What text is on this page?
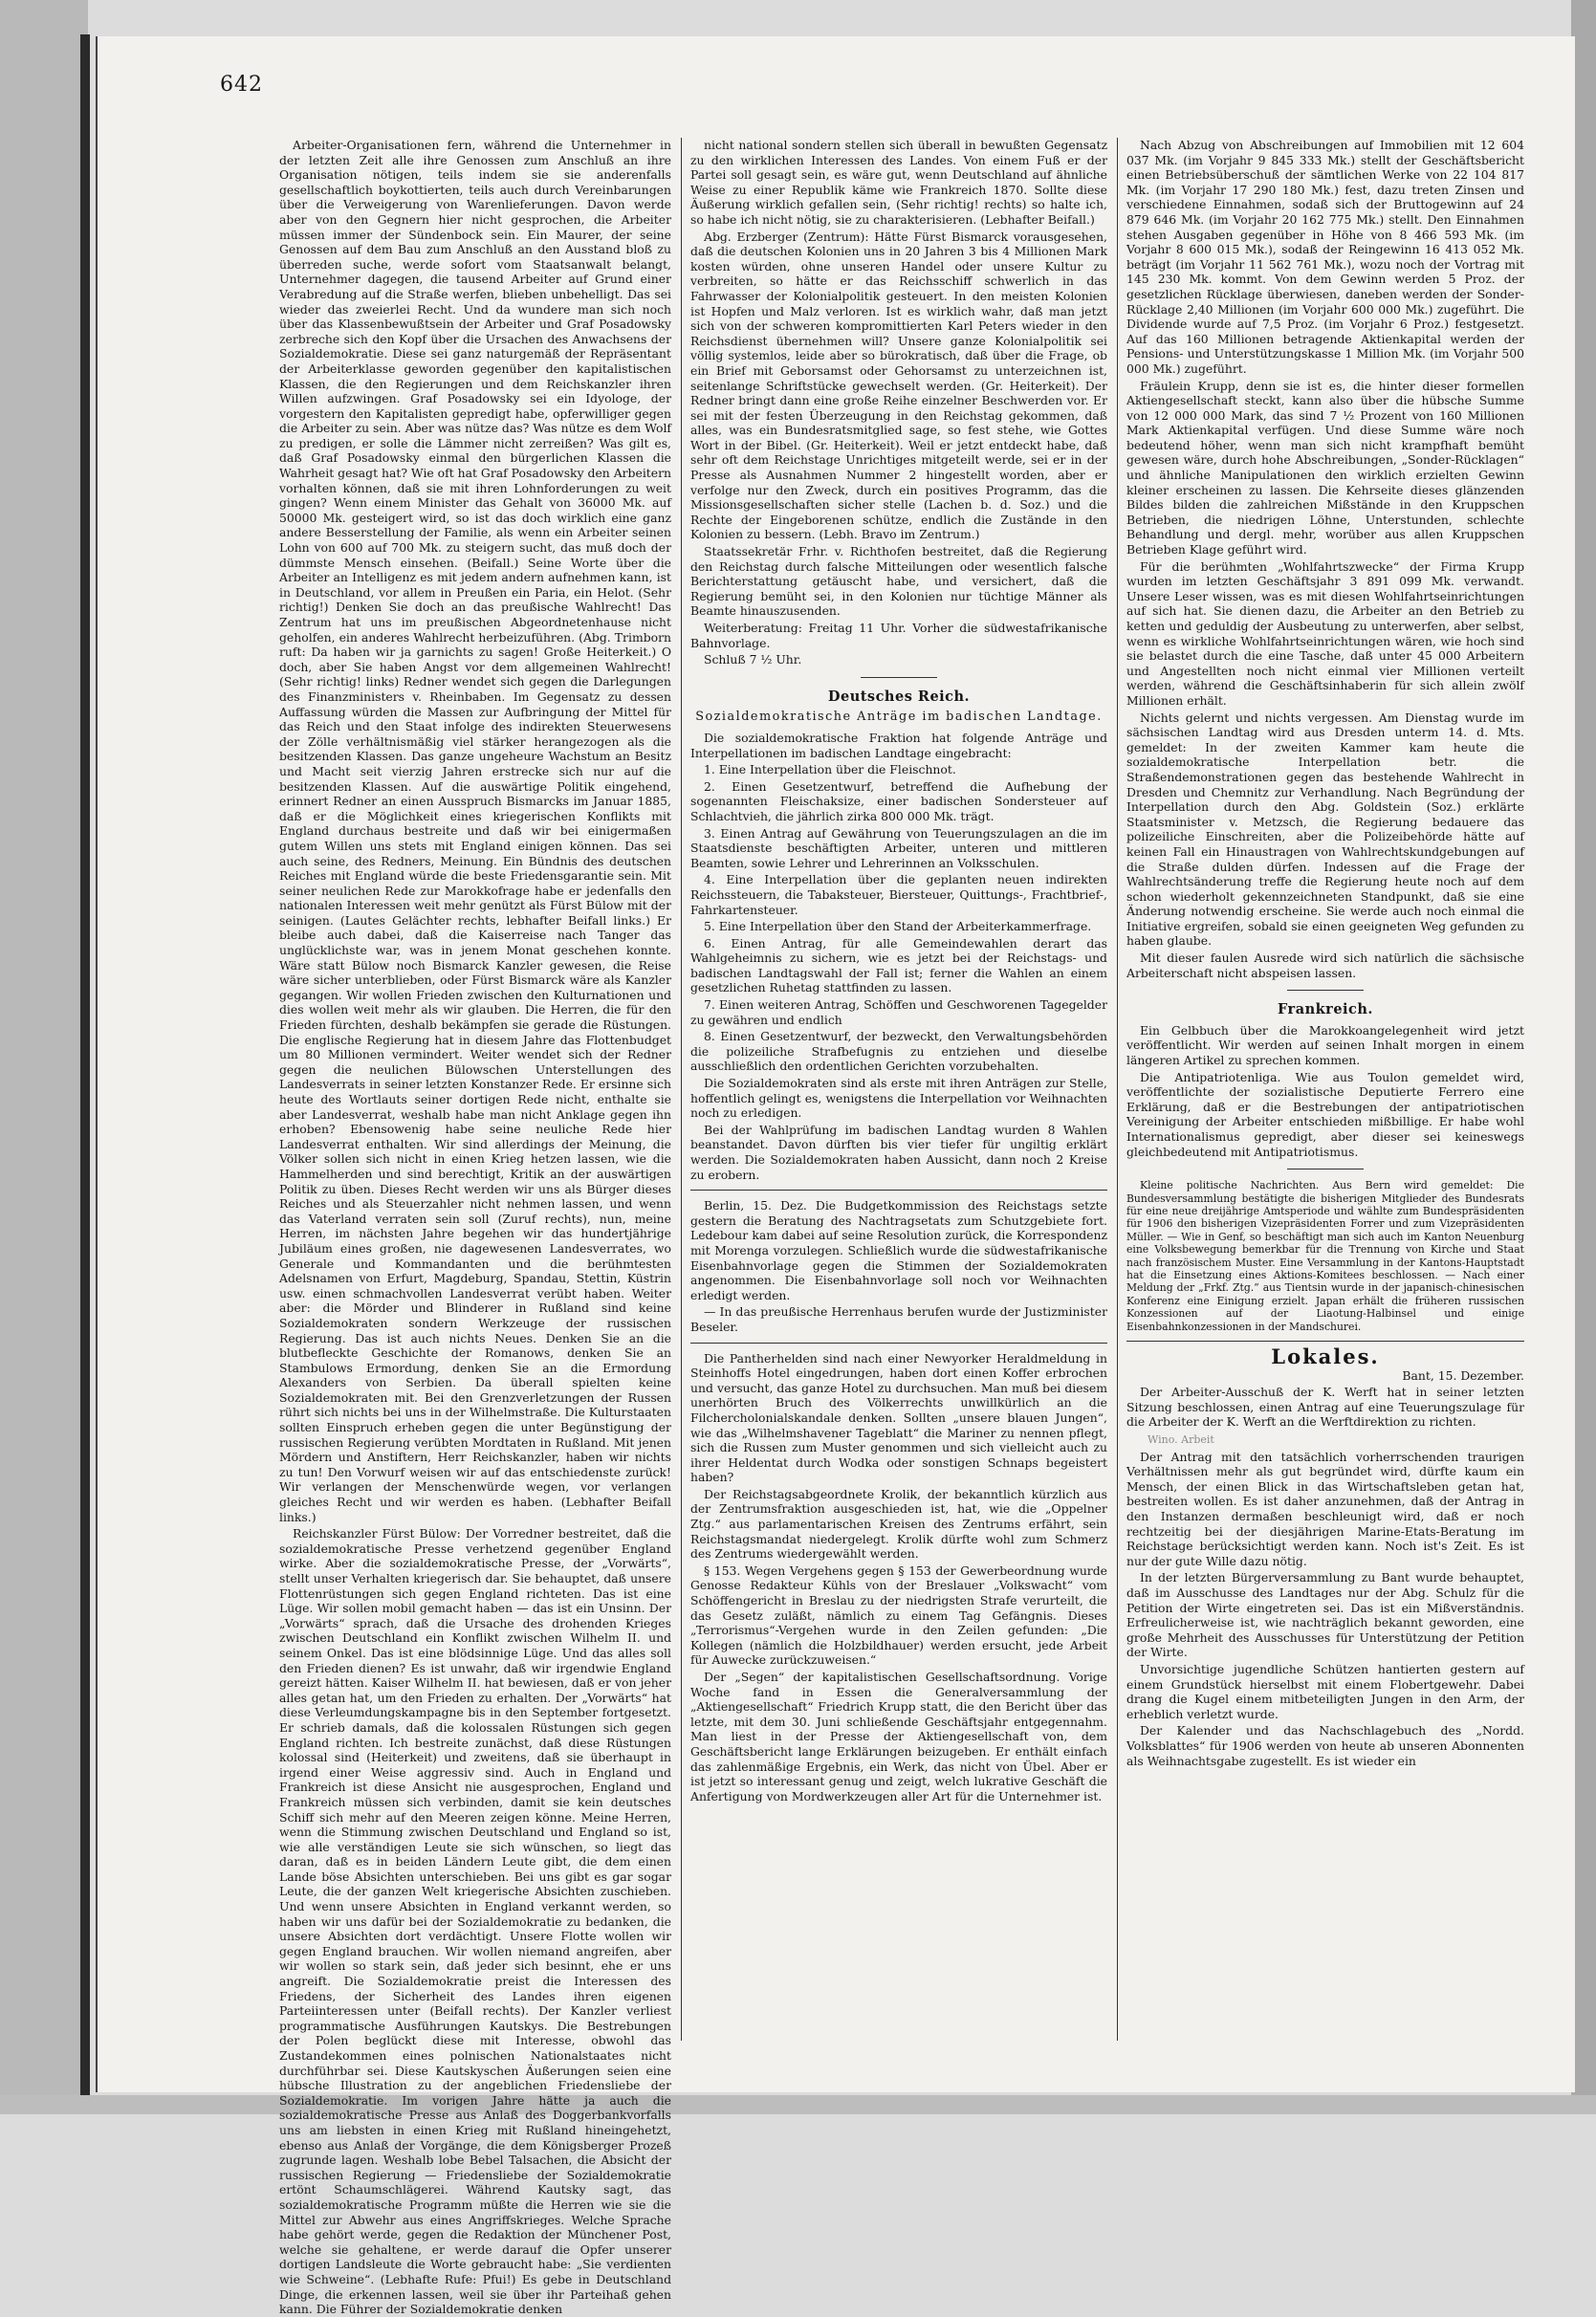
642

Arbeiter-Organisationen fern, während die Unternehmer in der letzten Zeit alle ihre Genossen zum Anschluß an ihre Organisation nötigen, teils indem sie sie anderenfalls gesellschaftlich boykottierten, teils auch durch Vereinbarungen über die Verweigerung von Warenlieferungen. Davon werde aber von den Gegnern hier nicht gesprochen, die Arbeiter müssen immer der Sündenbock sein. Ein Maurer, der seine Genossen auf dem Bau zum Anschluß an den Ausstand bloß zu überreden suche, werde sofort vom Staatsanwalt belangt, Unternehmer dagegen, die tausend Arbeiter auf Grund einer Verabredung auf die Straße werfen, blieben unbehelligt. Das sei wieder das zweierlei Recht. Und da wundere man sich noch über das Klassenbewußtsein der Arbeiter und Graf Posadowsky zerbreche sich den Kopf über die Ursachen des Anwachsens der Sozialdemokratie. Diese sei ganz naturgemäß der Repräsentant der Arbeiterklasse geworden gegenüber den kapitalistischen Klassen, die den Regierungen und dem Reichskanzler ihren Willen aufzwingen. Graf Posadowsky sei ein Idyologe, der vorgestern den Kapitalisten gepredigt habe, opferwilliger gegen die Arbeiter zu sein. Aber was nütze das? Was nütze es dem Wolf zu predigen, er solle die Lämmer nicht zerreißen? Was gilt es, daß Graf Posadowsky einmal den bürgerlichen Klassen die Wahrheit gesagt hat? Wie oft hat Graf Posadowsky den Arbeitern vorhalten können, daß sie mit ihren Lohnforderungen zu weit gingen? Wenn einem Minister das Gehalt von 36000 Mk. auf 50000 Mk. gesteigert wird, so ist das doch wirklich eine ganz andere Besserstellung der Familie, als wenn ein Arbeiter seinen Lohn von 600 auf 700 Mk. zu steigern sucht, das muß doch der dümmste Mensch einsehen. (Beifall.) Seine Worte über die Arbeiter an Intelligenz es mit jedem andern aufnehmen kann, ist in Deutschland, vor allem in Preußen ein Paria, ein Helot. (Sehr richtig!) Denken Sie doch an das preußische Wahlrecht! Das Zentrum hat uns im preußischen Abgeordnetenhause nicht geholfen, ein anderes Wahlrecht herbeizuführen. (Abg. Trimborn ruft: Da haben wir ja garnichts zu sagen! Große Heiterkeit.) O doch, aber Sie haben Angst vor dem allgemeinen Wahlrecht! (Sehr richtig! links) Redner wendet sich gegen die Darlegungen des Finanzministers v. Rheinbaben. Im Gegensatz zu dessen Auffassung würden die Massen zur Aufbringung der Mittel für das Reich und den Staat infolge des indirekten Steuerwesens der Zölle verhältnismäßig viel stärker herangezogen als die besitzenden Klassen. Das ganze ungeheure Wachstum an Besitz und Macht seit vierzig Jahren erstrecke sich nur auf die besitzenden Klassen. Auf die auswärtige Politik eingehend, erinnert Redner an einen Ausspruch Bismarcks im Januar 1885, daß er die Möglichkeit eines kriegerischen Konflikts mit England durchaus bestreite und daß wir bei einigermaßen gutem Willen uns stets mit England einigen können. Das sei auch seine, des Redners, Meinung. Ein Bündnis des deutschen Reiches mit England würde die beste Friedensgarantie sein. Mit seiner neulichen Rede zur Marokkofrage habe er jedenfalls den nationalen Interessen weit mehr genützt als Fürst Bülow mit der seinigen. (Lautes Gelächter rechts, lebhafter Beifall links.) Er bleibe auch dabei, daß die Kaiserreise nach Tanger das unglücklichste war, was in jenem Monat geschehen konnte. Wäre statt Bülow noch Bismarck Kanzler gewesen, die Reise wäre sicher unterblieben, oder Fürst Bismarck wäre als Kanzler gegangen. Wir wollen Frieden zwischen den Kulturnationen und dies wollen weit mehr als wir glauben. Die Herren, die für den Frieden fürchten, deshalb bekämpfen sie gerade die Rüstungen. Die englische Regierung hat in diesem Jahre das Flottenbudget um 80 Millionen vermindert. Weiter wendet sich der Redner gegen die neulichen Bülowschen Unterstellungen des Landesverrats in seiner letzten Konstanzer Rede. Er ersinne sich heute des Wortlauts seiner dortigen Rede nicht, enthalte sie aber Landesverrat, weshalb habe man nicht Anklage gegen ihn erhoben? Ebensowenig habe seine neuliche Rede hier Landesverrat enthalten. Wir sind allerdings der Meinung, die Völker sollen sich nicht in einen Krieg hetzen lassen, wie die Hammelherden und sind berechtigt, Kritik an der auswärtigen Politik zu üben. Dieses Recht werden wir uns als Bürger dieses Reiches und als Steuerzahler nicht nehmen lassen, und wenn das Vaterland verraten sein soll (Zuruf rechts), nun, meine Herren, im nächsten Jahre begehen wir das hundertjährige Jubiläum eines großen, nie dagewesenen Landesverrates, wo Generale und Kommandanten und die berühmtesten Adelsnamen von Erfurt, Magdeburg, Spandau, Stettin, Küstrin usw. einen schmachvollen Landesverrat verübt haben. Weiter aber: die Mörder und Blinderer in Rußland sind keine Sozialdemokraten sondern Werkzeuge der russischen Regierung. Das ist auch nichts Neues. Denken Sie an die blutbefleckte Geschichte der Romanows, denken Sie an Stambulows Ermordung, denken Sie an die Ermordung Alexanders von Serbien. Da überall spielten keine Sozialdemokraten mit. Bei den Grenzverletzungen der Russen rührt sich nichts bei uns in der Wilhelmstraße. Die Kulturstaaten sollten Einspruch erheben gegen die unter Begünstigung der russischen Regierung verübten Mordtaten in Rußland. Mit jenen Mördern und Anstiftern, Herr Reichskanzler, haben wir nichts zu tun! Den Vorwurf weisen wir auf das entschiedenste zurück! Wir verlangen der Menschenwürde wegen, vor verlangen gleiches Recht und wir werden es haben. (Lebhafter Beifall links.)

Reichskanzler Fürst Bülow: Der Vorredner bestreitet, daß die sozialdemokratische Presse verhetzend gegenüber England wirke. Aber die sozialdemokratische Presse, der „Vorwärts“, stellt unser Verhalten kriegerisch dar. Sie behauptet, daß unsere Flottenrüstungen sich gegen England richteten. Das ist eine Lüge. Wir sollen mobil gemacht haben — das ist ein Unsinn. Der „Vorwärts“ sprach, daß die Ursache des drohenden Krieges zwischen Deutschland ein Konflikt zwischen Wilhelm II. und seinem Onkel. Das ist eine blödsinnige Lüge. Und das alles soll den Frieden dienen? Es ist unwahr, daß wir irgendwie England gereizt hätten. Kaiser Wilhelm II. hat bewiesen, daß er von jeher alles getan hat, um den Frieden zu erhalten. Der „Vorwärts“ hat diese Verleumdungskampagne bis in den September fortgesetzt. Er schrieb damals, daß die kolossalen Rüstungen sich gegen England richten. Ich bestreite zunächst, daß diese Rüstungen kolossal sind (Heiterkeit) und zweitens, daß sie überhaupt in irgend einer Weise aggressiv sind. Auch in England und Frankreich ist diese Ansicht nie ausgesprochen, England und Frankreich müssen sich verbinden, damit sie kein deutsches Schiff sich mehr auf den Meeren zeigen könne. Meine Herren, wenn die Stimmung zwischen Deutschland und England so ist, wie alle verständigen Leute sie sich wünschen, so liegt das daran, daß es in beiden Ländern Leute gibt, die dem einen Lande böse Absichten unterschieben. Bei uns gibt es gar sogar Leute, die der ganzen Welt kriegerische Absichten zuschieben. Und wenn unsere Absichten in England verkannt werden, so haben wir uns dafür bei der Sozialdemokratie zu bedanken, die unsere Absichten dort verdächtigt. Unsere Flotte wollen wir gegen England brauchen. Wir wollen niemand angreifen, aber wir wollen so stark sein, daß jeder sich besinnt, ehe er uns angreift. Die Sozialdemokratie preist die Interessen des Friedens, der Sicherheit des Landes ihren eigenen Parteiinteressen unter (Beifall rechts). Der Kanzler verliest programmatische Ausführungen Kautskys. Die Bestrebungen der Polen beglückt diese mit Interesse, obwohl das Zustandekommen eines polnischen Nationalstaates nicht durchführbar sei. Diese Kautskyschen Äußerungen seien eine hübsche Illustration zu der angeblichen Friedensliebe der Sozialdemokratie. Im vorigen Jahre hätte ja auch die sozialdemokratische Presse aus Anlaß des Doggerbankvorfalls uns am liebsten in einen Krieg mit Rußland hineingehetzt, ebenso aus Anlaß der Vorgänge, die dem Königsberger Prozeß zugrunde lagen. Weshalb lobe Bebel Talsachen, die Absicht der russischen Regierung — Friedensliebe der Sozialdemokratie ertönt Schaumschlägerei. Während Kautsky sagt, das sozialdemokratische Programm müßte die Herren wie sie die Mittel zur Abwehr aus eines Angriffskrieges. Welche Sprache habe gehört werde, gegen die Redaktion der Münchener Post, welche sie gehaltene, er werde darauf die Opfer unserer dortigen Landsleute die Worte gebraucht habe: „Sie verdienten wie Schweine“. (Lebhafte Rufe: Pfui!) Es gebe in Deutschland Dinge, die erkennen lassen, weil sie über ihr Parteihaß gehen kann. Die Führer der Sozialdemokratie denken

nicht national sondern stellen sich überall in bewußten Gegensatz zu den wirklichen Interessen des Landes. Von einem Fuß er der Partei soll gesagt sein, es wäre gut, wenn Deutschland auf ähnliche Weise zu einer Republik käme wie Frankreich 1870. Sollte diese Äußerung wirklich gefallen sein, (Sehr richtig! rechts) so halte ich, so habe ich nicht nötig, sie zu charakterisieren. (Lebhafter Beifall.)

Abg. Erzberger (Zentrum): Hätte Fürst Bismarck vorausgesehen, daß die deutschen Kolonien uns in 20 Jahren 3 bis 4 Millionen Mark kosten würden, ohne unseren Handel oder unsere Kultur zu verbreiten, so hätte er das Reichsschiff schwerlich in das Fahrwasser der Kolonialpolitik gesteuert. In den meisten Kolonien ist Hopfen und Malz verloren. Ist es wirklich wahr, daß man jetzt sich von der schweren kompromittierten Karl Peters wieder in den Reichsdienst übernehmen will? Unsere ganze Kolonialpolitik sei völlig systemlos, leide aber so bürokratisch, daß über die Frage, ob ein Brief mit Geborsamst oder Gehorsamst zu unterzeichnen ist, seitenlange Schriftstücke gewechselt werden. (Gr. Heiterkeit). Der Redner bringt dann eine große Reihe einzelner Beschwerden vor. Er sei mit der festen Überzeugung in den Reichstag gekommen, daß alles, was ein Bundesratsmitglied sage, so fest stehe, wie Gottes Wort in der Bibel. (Gr. Heiterkeit). Weil er jetzt entdeckt habe, daß sehr oft dem Reichstage Unrichtiges mitgeteilt werde, sei er in der Presse als Ausnahmen Nummer 2 hingestellt worden, aber er verfolge nur den Zweck, durch ein positives Programm, das die Missionsgesellschaften sicher stelle (Lachen b. d. Soz.) und die Rechte der Eingeborenen schütze, endlich die Zustände in den Kolonien zu bessern. (Lebh. Bravo im Zentrum.)

Staatssekretär Frhr. v. Richthofen bestreitet, daß die Regierung den Reichstag durch falsche Mitteilungen oder wesentlich falsche Berichterstattung getäuscht habe, und versichert, daß die Regierung bemüht sei, in den Kolonien nur tüchtige Männer als Beamte hinauszusenden.

Weiterberatung: Freitag 11 Uhr. Vorher die südwestafrikanische Bahnvorlage.

Schluß 7 ½ Uhr.

Deutsches Reich.
Sozialdemokratische Anträge im badischen Landtage.

Die sozialdemokratische Fraktion hat folgende Anträge und Interpellationen im badischen Landtage eingebracht:

1. Eine Interpellation über die Fleischnot.

2. Einen Gesetzentwurf, betreffend die Aufhebung der sogenannten Fleischaksize, einer badischen Sondersteuer auf Schlachtvieh, die jährlich zirka 800 000 Mk. trägt.

3. Einen Antrag auf Gewährung von Teuerungszulagen an die im Staatsdienste beschäftigten Arbeiter, unteren und mittleren Beamten, sowie Lehrer und Lehrerinnen an Volksschulen.

4. Eine Interpellation über die geplanten neuen indirekten Reichssteuern, die Tabaksteuer, Biersteuer, Quittungs-, Frachtbrief-, Fahrkartensteuer.

5. Eine Interpellation über den Stand der Arbeiterkammerfrage.

6. Einen Antrag, für alle Gemeindewahlen derart das Wahlgeheimnis zu sichern, wie es jetzt bei der Reichstags- und badischen Landtagswahl der Fall ist; ferner die Wahlen an einem gesetzlichen Ruhetag stattfinden zu lassen.

7. Einen weiteren Antrag, Schöffen und Geschworenen Tagegelder zu gewähren und endlich

8. Einen Gesetzentwurf, der bezweckt, den Verwaltungsbehörden die polizeiliche Strafbefugnis zu entziehen und dieselbe ausschließlich den ordentlichen Gerichten vorzubehalten.

Die Sozialdemokraten sind als erste mit ihren Anträgen zur Stelle, hoffentlich gelingt es, wenigstens die Interpellation vor Weihnachten noch zu erledigen.

Bei der Wahlprüfung im badischen Landtag wurden 8 Wahlen beanstandet. Davon dürften bis vier tiefer für ungiltig erklärt werden. Die Sozialdemokraten haben Aussicht, dann noch 2 Kreise zu erobern.

Berlin, 15. Dez. Die Budgetkommission des Reichstags setzte gestern die Beratung des Nachtragsetats zum Schutzgebiete fort. Ledebour kam dabei auf seine Resolution zurück, die Korrespondenz mit Morenga vorzulegen. Schließlich wurde die südwestafrikanische Eisenbahnvorlage gegen die Stimmen der Sozialdemokraten angenommen. Die Eisenbahnvorlage soll noch vor Weihnachten erledigt werden.

— In das preußische Herrenhaus berufen wurde der Justizminister Beseler.

Die Pantherhelden sind nach einer Newyorker Heraldmeldung in Steinhoffs Hotel eingedrungen, haben dort einen Koffer erbrochen und versucht, das ganze Hotel zu durchsuchen. Man muß bei diesem unerhörten Bruch des Völkerrechts unwillkürlich an die Filchercholonialskandale denken. Sollten „unsere blauen Jungen“, wie das „Wilhelmshavener Tageblatt“ die Mariner zu nennen pflegt, sich die Russen zum Muster genommen und sich vielleicht auch zu ihrer Heldentat durch Wodka oder sonstigen Schnaps begeistert haben?

Der Reichstagsabgeordnete Krolik, der bekanntlich kürzlich aus der Zentrumsfraktion ausgeschieden ist, hat, wie die „Oppelner Ztg.“ aus parlamentarischen Kreisen des Zentrums erfährt, sein Reichstagsmandat niedergelegt. Krolik dürfte wohl zum Schmerz des Zentrums wiedergewählt werden.

§ 153. Wegen Vergehens gegen § 153 der Gewerbeordnung wurde Genosse Redakteur Kühls von der Breslauer „Volkswacht“ vom Schöffengericht in Breslau zu der niedrigsten Strafe verurteilt, die das Gesetz zuläßt, nämlich zu einem Tag Gefängnis. Dieses „Terrorismus“-Vergehen wurde in den Zeilen gefunden: „Die Kollegen (nämlich die Holzbildhauer) werden ersucht, jede Arbeit für Auwecke zurückzuweisen.“

Der „Segen“ der kapitalistischen Gesellschaftsordnung. Vorige Woche fand in Essen die Generalversammlung der „Aktiengesellschaft“ Friedrich Krupp statt, die den Bericht über das letzte, mit dem 30. Juni schließende Geschäftsjahr entgegennahm. Man liest in der Presse der Aktiengesellschaft von, dem Geschäftsbericht lange Erklärungen beizugeben. Er enthält einfach das zahlenmäßige Ergebnis, ein Werk, das nicht von Übel. Aber er ist jetzt so interessant genug und zeigt, welch lukrative Geschäft die Anfertigung von Mordwerkzeugen aller Art für die Unternehmer ist.

Nach Abzug von Abschreibungen auf Immobilien mit 12 604 037 Mk. (im Vorjahr 9 845 333 Mk.) stellt der Geschäftsbericht einen Betriebsüberschuß der sämtlichen Werke von 22 104 817 Mk. (im Vorjahr 17 290 180 Mk.) fest, dazu treten Zinsen und verschiedene Einnahmen, sodaß sich der Bruttogewinn auf 24 879 646 Mk. (im Vorjahr 20 162 775 Mk.) stellt. Den Einnahmen stehen Ausgaben gegenüber in Höhe von 8 466 593 Mk. (im Vorjahr 8 600 015 Mk.), sodaß der Reingewinn 16 413 052 Mk. beträgt (im Vorjahr 11 562 761 Mk.), wozu noch der Vortrag mit 145 230 Mk. kommt. Von dem Gewinn werden 5 Proz. der gesetzlichen Rücklage überwiesen, daneben werden der Sonder-Rücklage 2,40 Millionen (im Vorjahr 600 000 Mk.) zugeführt. Die Dividende wurde auf 7,5 Proz. (im Vorjahr 6 Proz.) festgesetzt. Auf das 160 Millionen betragende Aktienkapital werden der Pensions- und Unterstützungskasse 1 Million Mk. (im Vorjahr 500 000 Mk.) zugeführt.

Fräulein Krupp, denn sie ist es, die hinter dieser formellen Aktiengesellschaft steckt, kann also über die hübsche Summe von 12 000 000 Mark, das sind 7 ½ Prozent von 160 Millionen Mark Aktienkapital verfügen. Und diese Summe wäre noch bedeutend höher, wenn man sich nicht krampfhaft bemüht gewesen wäre, durch hohe Abschreibungen, „Sonder-Rücklagen“ und ähnliche Manipulationen den wirklich erzielten Gewinn kleiner erscheinen zu lassen. Die Kehrseite dieses glänzenden Bildes bilden die zahlreichen Mißstände in den Kruppschen Betrieben, die niedrigen Löhne, Unterstunden, schlechte Behandlung und dergl. mehr, worüber aus allen Kruppschen Betrieben Klage geführt wird.

Für die berühmten „Wohlfahrtszwecke“ der Firma Krupp wurden im letzten Geschäftsjahr 3 891 099 Mk. verwandt. Unsere Leser wissen, was es mit diesen Wohlfahrtseinrichtungen auf sich hat. Sie dienen dazu, die Arbeiter an den Betrieb zu ketten und geduldig der Ausbeutung zu unterwerfen, aber selbst, wenn es wirkliche Wohlfahrtseinrichtungen wären, wie hoch sind sie belastet durch die eine Tasche, daß unter 45 000 Arbeitern und Angestellten noch nicht einmal vier Millionen verteilt werden, während die Geschäftsinhaberin für sich allein zwölf Millionen erhält.

Nichts gelernt und nichts vergessen. Am Dienstag wurde im sächsischen Landtag wird aus Dresden unterm 14. d. Mts. gemeldet: In der zweiten Kammer kam heute die sozialdemokratische Interpellation betr. die Straßendemonstrationen gegen das bestehende Wahlrecht in Dresden und Chemnitz zur Verhandlung. Nach Begründung der Interpellation durch den Abg. Goldstein (Soz.) erklärte Staatsminister v. Metzsch, die Regierung bedauere das polizeiliche Einschreiten, aber die Polizeibehörde hätte auf keinen Fall ein Hinaustragen von Wahlrechtskundgebungen auf die Straße dulden dürfen. Indessen auf die Frage der Wahlrechtsänderung treffe die Regierung heute noch auf dem schon wiederholt gekennzeichneten Standpunkt, daß sie eine Änderung notwendig erscheine. Sie werde auch noch einmal die Initiative ergreifen, sobald sie einen geeigneten Weg gefunden zu haben glaube.

Mit dieser faulen Ausrede wird sich natürlich die sächsische Arbeiterschaft nicht abspeisen lassen.

Frankreich.

Ein Gelbbuch über die Marokkoangelegenheit wird jetzt veröffentlicht. Wir werden auf seinen Inhalt morgen in einem längeren Artikel zu sprechen kommen.

Die Antipatriotenliga. Wie aus Toulon gemeldet wird, veröffentlichte der sozialistische Deputierte Ferrero eine Erklärung, daß er die Bestrebungen der antipatriotischen Vereinigung der Arbeiter entschieden mißbillige. Er habe wohl Internationalismus gepredigt, aber dieser sei keineswegs gleichbedeutend mit Antipatriotismus.

Kleine politische Nachrichten. Aus Bern wird gemeldet: Die Bundesversammlung bestätigte die bisherigen Mitglieder des Bundesrats für eine neue dreijährige Amtsperiode und wählte zum Bundespräsidenten für 1906 den bisherigen Vizepräsidenten Forrer und zum Vizepräsidenten Müller. — Wie in Genf, so beschäftigt man sich auch im Kanton Neuenburg eine Volksbewegung bemerkbar für die Trennung von Kirche und Staat nach französischem Muster. Eine Versammlung in der Kantons-Hauptstadt hat die Einsetzung eines Aktions-Komitees beschlossen. — Nach einer Meldung der „Frkf. Ztg.“ aus Tientsin wurde in der japanisch-chinesischen Konferenz eine Einigung erzielt. Japan erhält die früheren russischen Konzessionen auf der Liaotung-Halbinsel und einige Eisenbahnkonzessionen in der Mandschurei.

Lokales.

Bant, 15. Dezember.

Der Arbeiter-Ausschuß der K. Werft hat in seiner letzten Sitzung beschlossen, einen Antrag auf eine Teuerungszulage für die Arbeiter der K. Werft an die Werftdirektion zu richten.

Wino. Arbeit

Der Antrag mit den tatsächlich vorherrschenden traurigen Verhältnissen mehr als gut begründet wird, dürfte kaum ein Mensch, der einen Blick in das Wirtschaftsleben getan hat, bestreiten wollen. Es ist daher anzunehmen, daß der Antrag in den Instanzen dermaßen beschleunigt wird, daß er noch rechtzeitig bei der diesjährigen Marine-Etats-Beratung im Reichstage berücksichtigt werden kann. Noch ist's Zeit. Es ist nur der gute Wille dazu nötig.

In der letzten Bürgerversammlung zu Bant wurde behauptet, daß im Ausschusse des Landtages nur der Abg. Schulz für die Petition der Wirte eingetreten sei. Das ist ein Mißverständnis. Erfreulicherweise ist, wie nachträglich bekannt geworden, eine große Mehrheit des Ausschusses für Unterstützung der Petition der Wirte.

Unvorsichtige jugendliche Schützen hantierten gestern auf einem Grundstück hierselbst mit einem Flobertgewehr. Dabei drang die Kugel einem mitbeteiligten Jungen in den Arm, der erheblich verletzt wurde.

Der Kalender und das Nachschlagebuch des „Nordd. Volksblattes“ für 1906 werden von heute ab unseren Abonnenten als Weihnachtsgabe zugestellt. Es ist wieder ein
